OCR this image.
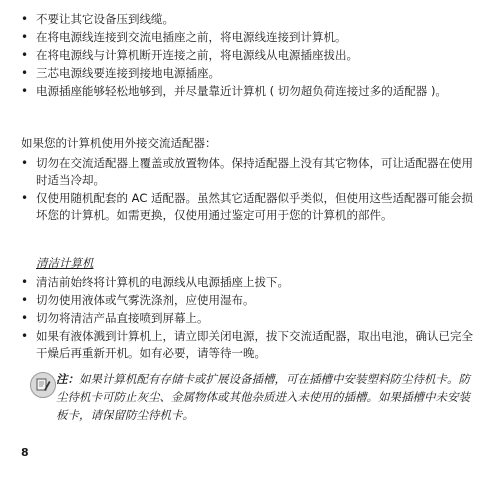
• 不要让其它设备压到线缆。
• 在将电源线连接到交流电插座之前，将电源线连接到计算机。
• 在将电源线与计算机断开连接之前，将电源线从电源插座拔出。
• 三芯电源线要连接到接地电源插座。
• 电源插座能够轻松地够到，并尽量靠近计算机 ( 切勿超负荷连接过多的适配器 )。
如果您的计算机使用外接交流适配器：
• 切勿在交流适配器上覆盖或放置物体。保持适配器上没有其它物体，可让适配器在使用时适当冷却。
• 仅使用随机配套的 AC 适配器。虽然其它适配器似乎类似，但使用这些适配器可能会损坏您的计算机。如需更换，仅使用通过鉴定可用于您的计算机的部件。
清洁计算机
• 清洁前始终将计算机的电源线从电源插座上拔下。
• 切勿使用液体或气雾洗涤剂，应使用湿布。
• 切勿将清洁产品直接喷到屏幕上。
• 如果有液体溅到计算机上，请立即关闭电源，拔下交流适配器，取出电池，确认已完全干燥后再重新开机。如有必要，请等待一晚。
注：如果计算机配有存储卡或扩展设备插槽，可在插槽中安装塑料防尘待机卡。防尘待机卡可防止灰尘、金属物体或其他杂质进入未使用的插槽。如果插槽中未安装板卡，请保留防尘待机卡。
8
